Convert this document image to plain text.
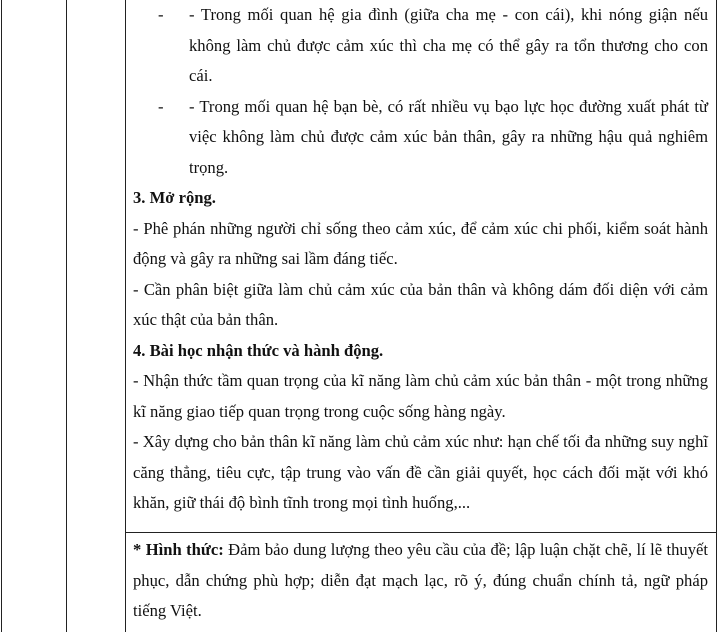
- - Trong mối quan hệ gia đình (giữa cha mẹ - con cái), khi nóng giận nếu không làm chủ được cảm xúc thì cha mẹ có thể gây ra tổn thương cho con cái.
- - Trong mối quan hệ bạn bè, có rất nhiều vụ bạo lực học đường xuất phát từ việc không làm chủ được cảm xúc bản thân, gây ra những hậu quả nghiêm trọng.

3. Mở rộng.

- Phê phán những người chỉ sống theo cảm xúc, để cảm xúc chi phối, kiểm soát hành động và gây ra những sai lầm đáng tiếc.

- Cần phân biệt giữa làm chủ cảm xúc của bản thân và không dám đối diện với cảm xúc thật của bản thân.

4. Bài học nhận thức và hành động.

- Nhận thức tầm quan trọng của kĩ năng làm chủ cảm xúc bản thân - một trong những kĩ năng giao tiếp quan trọng trong cuộc sống hàng ngày.

- Xây dựng cho bản thân kĩ năng làm chủ cảm xúc như: hạn chế tối đa những suy nghĩ căng thẳng, tiêu cực, tập trung vào vấn đề cần giải quyết, học cách đối mặt với khó khăn, giữ thái độ bình tĩnh trong mọi tình huống,...

* Hình thức: Đảm bảo dung lượng theo yêu cầu của đề; lập luận chặt chẽ, lí lẽ thuyết phục, dẫn chứng phù hợp; diễn đạt mạch lạc, rõ ý, đúng chuẩn chính tả, ngữ pháp tiếng Việt.
